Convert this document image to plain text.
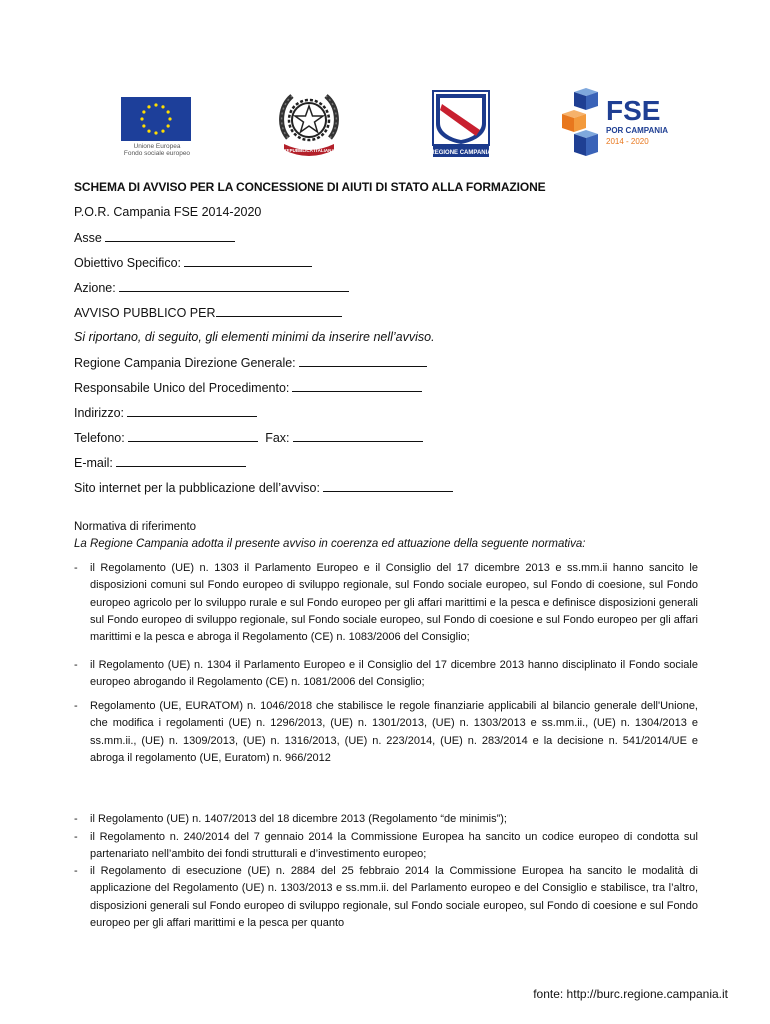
Unione Europea
Fondo sociale europeo	REPUBBLICA ITALIANA	REGIONE CAMPANIA
FSE
POR CAMPANIA
2014 - 2020
SCHEMA DI AVVISO PER LA CONCESSIONE DI AIUTI DI STATO ALLA FORMAZIONE
P.O.R. Campania FSE 2014-2020
Asse
Obiettivo Specifico:
Azione:
AVVISO PUBBLICO PER
Si riportano, di seguito, gli elementi minimi da inserire nell’avviso.
Regione Campania Direzione Generale:
Responsabile Unico del Procedimento:
Indirizzo:
Telefono:	Fax:
E-mail:
Sito internet per la pubblicazione dell’avviso:
Normativa di riferimento
La Regione Campania adotta il presente avviso in coerenza ed attuazione della seguente normativa:
- il Regolamento (UE) n. 1303 il Parlamento Europeo e il Consiglio del 17 dicembre 2013 e ss.mm.ii hanno sancito le disposizioni comuni sul Fondo europeo di sviluppo regionale, sul Fondo sociale europeo, sul Fondo di coesione, sul Fondo europeo agricolo per lo sviluppo rurale e sul Fondo europeo per gli affari marittimi e la pesca e definisce disposizioni generali sul Fondo europeo di sviluppo regionale, sul Fondo sociale europeo, sul Fondo di coesione e sul Fondo europeo per gli affari marittimi e la pesca e abroga il Regolamento (CE) n. 1083/2006 del Consiglio;
- il Regolamento (UE) n. 1304 il Parlamento Europeo e il Consiglio del 17 dicembre 2013 hanno disciplinato il Fondo sociale europeo abrogando il Regolamento (CE) n. 1081/2006 del Consiglio;
- Regolamento (UE, EURATOM) n. 1046/2018 che stabilisce le regole finanziarie applicabili al bilancio generale dell'Unione, che modifica i regolamenti (UE) n. 1296/2013, (UE) n. 1301/2013, (UE) n. 1303/2013 e ss.mm.ii., (UE) n. 1304/2013 e ss.mm.ii., (UE) n. 1309/2013, (UE) n. 1316/2013, (UE) n. 223/2014, (UE) n. 283/2014 e la decisione n. 541/2014/UE e abroga il regolamento (UE, Euratom) n. 966/2012
- il Regolamento (UE) n. 1407/2013 del 18 dicembre 2013 (Regolamento “de minimis”);
- il Regolamento n. 240/2014 del 7 gennaio 2014 la Commissione Europea ha sancito un codice europeo di condotta sul partenariato nell’ambito dei fondi strutturali e d’investimento europeo;
- il Regolamento di esecuzione (UE) n. 2884 del 25 febbraio 2014 la Commissione Europea ha sancito le modalità di applicazione del Regolamento (UE) n. 1303/2013 e ss.mm.ii. del Parlamento europeo e del Consiglio e stabilisce, tra l’altro, disposizioni generali sul Fondo europeo di sviluppo regionale, sul Fondo sociale europeo, sul Fondo di coesione e sul Fondo europeo per gli affari marittimi e la pesca per quanto
fonte: http://burc.regione.campania.it
